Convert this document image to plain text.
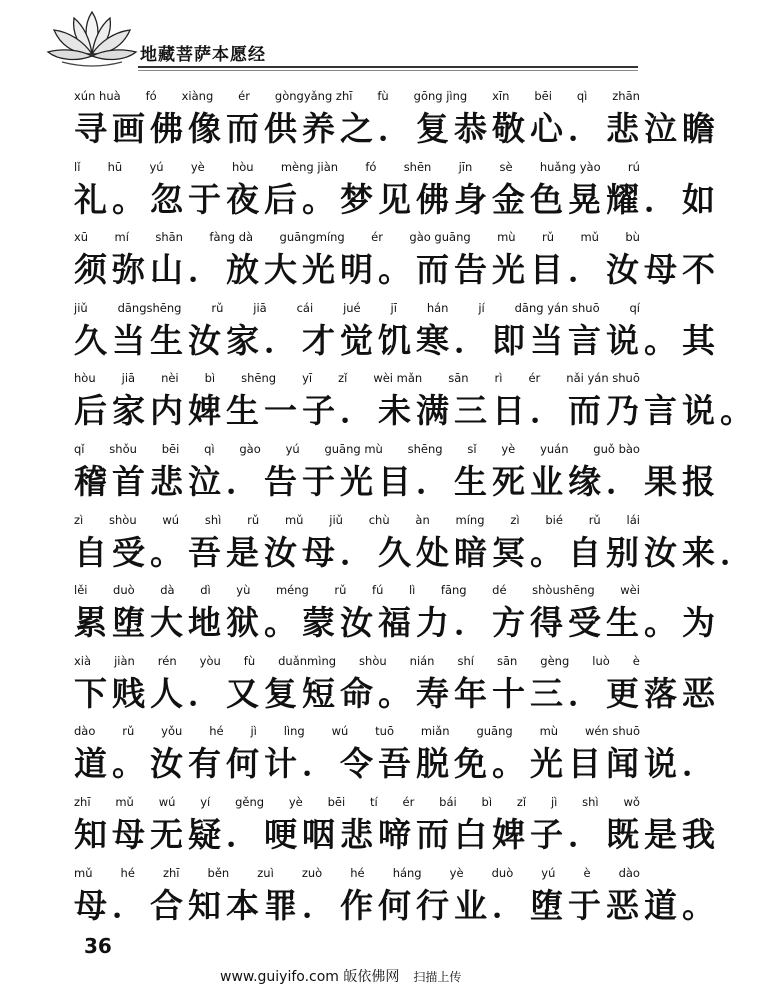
地藏菩萨本愿经
xún huà fó xiàng ér gòngyǎng zhī fù gōng jìng xīn bēi qì zhān
寻画佛像而供养之．复恭敬心．悲泣瞻
lǐ hū yú yè hòu mèng jiàn fó shēn jīn sè huǎng yào rú
礼。忽于夜后。梦见佛身金色晃耀．如
xū mí shān fàng dà guāngmíng ér gào guāng mù rǔ mǔ bù
须弥山．放大光明。而告光目．汝母不
jiǔ	dāngshēng	rǔ	jiā	cái	jué	jī	hán	jí	dāng yán shuō	qí
久当生汝家．才觉饥寒．即当言说。其
hòu jiā nèi bì shēng yī zǐ wèi mǎn sān rì ér nǎi yán shuō
后家内婢生一子．未满三日．而乃言说。
qǐ shǒu bēi qì gào yú guāng mù shēng sǐ yè yuán guǒ bào
稽首悲泣．告于光目．生死业缘．果报
zì shòu wú shì rǔ mǔ jiǔ chù àn míng zì bié rǔ lái
自受。吾是汝母．久处暗冥。自别汝来．
lěi duò dà dì yù méng rǔ fú lì fāng dé shòushēng wèi
累堕大地狱。蒙汝福力．方得受生。为
xià jiàn rén yòu fù duǎnmìng shòu nián shí sān gèng luò è
下贱人．又复短命。寿年十三．更落恶
dào rǔ yǒu hé jì lìng wú tuō miǎn guāng mù wén shuō
道。汝有何计．令吾脱免。光目闻说．
zhī mǔ wú yí gěng yè bēi tí ér bái bì zǐ jì shì wǒ
知母无疑．哽咽悲啼而白婢子．既是我
mǔ hé zhī běn zuì zuò hé háng yè duò yú è dào
母．合知本罪．作何行业．堕于恶道。
36
www.guiyifo.com 皈依佛网 扫描上传
